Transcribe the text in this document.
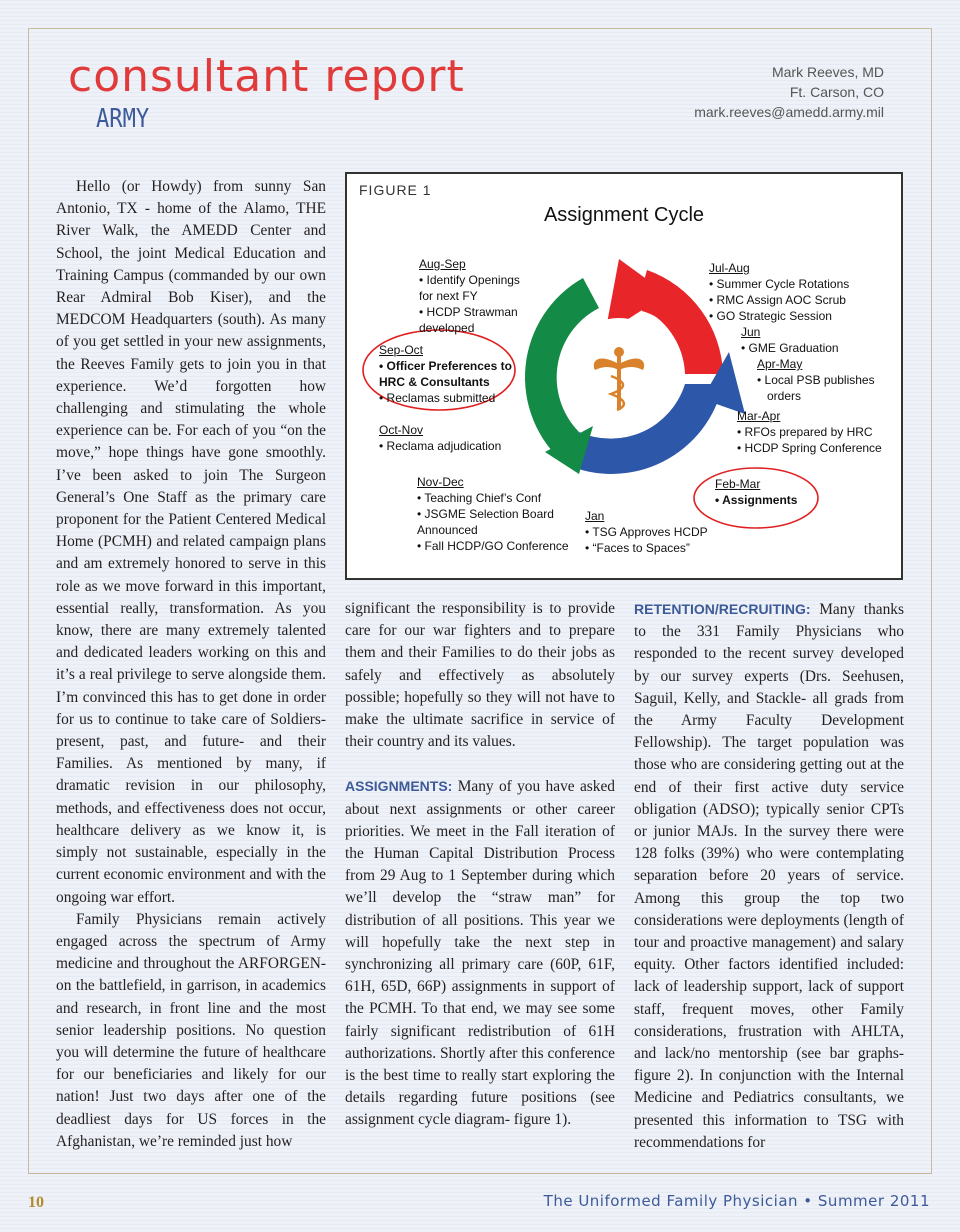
consultant report
ARMY
Mark Reeves, MD
Ft. Carson, CO
mark.reeves@amedd.army.mil

Hello (or Howdy) from sunny San Antonio, TX - home of the Alamo, THE River Walk, the AMEDD Center and School, the joint Medical Education and Training Campus (commanded by our own Rear Admiral Bob Kiser), and the MEDCOM Headquarters (south). As many of you get settled in your new assignments, the Reeves Family gets to join you in that experience. We’d forgotten how challenging and stimulating the whole experience can be. For each of you “on the move,” hope things have gone smoothly. I’ve been asked to join The Surgeon General’s One Staff as the primary care proponent for the Patient Centered Medical Home (PCMH) and related campaign plans and am extremely honored to serve in this role as we move forward in this important, essential really, transformation. As you know, there are many extremely talented and dedicated leaders working on this and it’s a real privilege to serve alongside them. I’m convinced this has to get done in order for us to continue to take care of Soldiers- present, past, and future- and their Families. As mentioned by many, if dramatic revision in our philosophy, methods, and effectiveness does not occur, healthcare delivery as we know it, is simply not sustainable, especially in the current economic environment and with the ongoing war effort.

Family Physicians remain actively engaged across the spectrum of Army medicine and throughout the ARFORGEN- on the battlefield, in garrison, in academics and research, in front line and the most senior leadership positions. No question you will determine the future of healthcare for our beneficiaries and likely for our nation! Just two days after one of the deadliest days for US forces in the Afghanistan, we’re reminded just how

FIGURE 1
Assignment Cycle
Aug-Sep
• Identify Openings
for next FY
• HCDP Strawman
developed
Sep-Oct
• Officer Preferences to
HRC & Consultants
• Reclamas submitted
Oct-Nov
• Reclama adjudication
Nov-Dec
• Teaching Chief’s Conf
• JSGME Selection Board
Announced
• Fall HCDP/GO Conference
Jan
• TSG Approves HCDP
• “Faces to Spaces”
Feb-Mar
• Assignments
Mar-Apr
• RFOs prepared by HRC
• HCDP Spring Conference
Apr-May
• Local PSB publishes
orders
Jun
• GME Graduation
Jul-Aug
• Summer Cycle Rotations
• RMC Assign AOC Scrub
• GO Strategic Session

significant the responsibility is to provide care for our war fighters and to prepare them and their Families to do their jobs as safely and effectively as absolutely possible; hopefully so they will not have to make the ultimate sacrifice in service of their country and its values.

ASSIGNMENTS: Many of you have asked about next assignments or other career priorities. We meet in the Fall iteration of the Human Capital Distribution Process from 29 Aug to 1 September during which we’ll develop the “straw man” for distribution of all positions. This year we will hopefully take the next step in synchronizing all primary care (60P, 61F, 61H, 65D, 66P) assignments in support of the PCMH. To that end, we may see some fairly significant redistribution of 61H authorizations. Shortly after this conference is the best time to really start exploring the details regarding future positions (see assignment cycle diagram- figure 1).

RETENTION/RECRUITING: Many thanks to the 331 Family Physicians who responded to the recent survey developed by our survey experts (Drs. Seehusen, Saguil, Kelly, and Stackle- all grads from the Army Faculty Development Fellowship). The target population was those who are considering getting out at the end of their first active duty service obligation (ADSO); typically senior CPTs or junior MAJs. In the survey there were 128 folks (39%) who were contemplating separation before 20 years of service. Among this group the top two considerations were deployments (length of tour and proactive management) and salary equity. Other factors identified included: lack of leadership support, lack of support staff, frequent moves, other Family considerations, frustration with AHLTA, and lack/no mentorship (see bar graphs- figure 2). In conjunction with the Internal Medicine and Pediatrics consultants, we presented this information to TSG with recommendations for

10	The Uniformed Family Physician • Summer 2011
